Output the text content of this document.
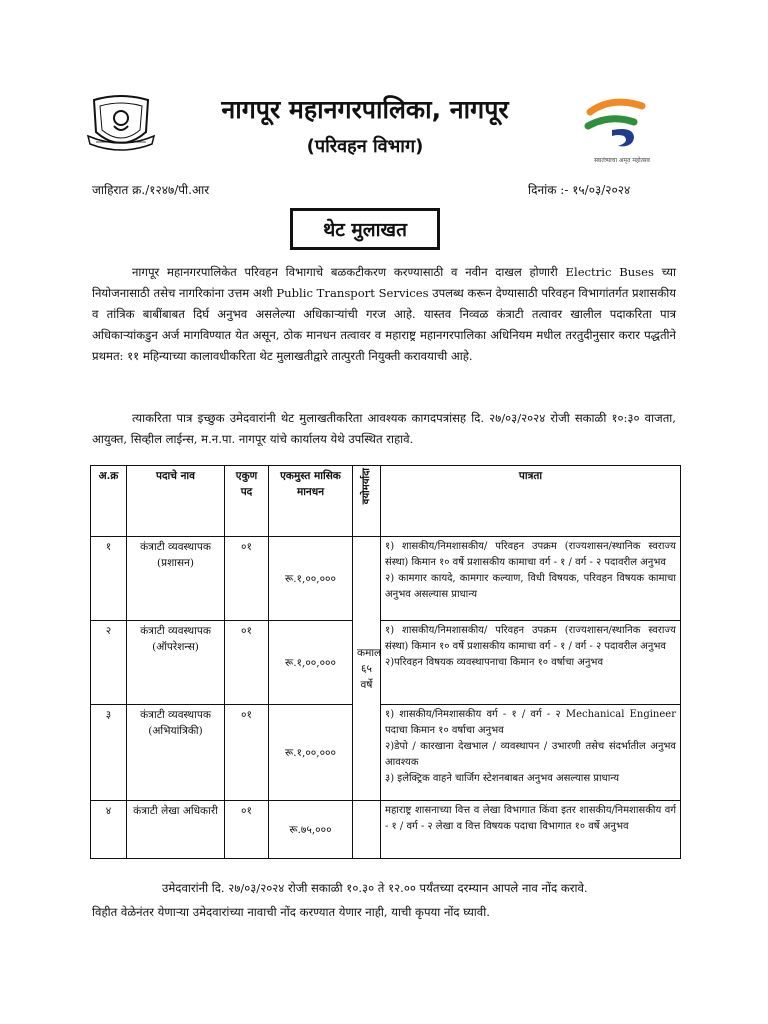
स्वातंत्र्याचा अमृत महोत्सव
नागपूर महानगरपालिका, नागपूर
(परिवहन विभाग)
जाहिरात क्र./१२४७/पी.आर	दिनांक :- १५/०३/२०२४
थेट मुलाखत

नागपूर महानगरपालिकेत परिवहन विभागाचे बळकटीकरण करण्यासाठी व नवीन दाखल होणारी Electric Buses च्या नियोजनासाठी तसेच नागरिकांना उत्तम अशी Public Transport Services उपलब्ध करून देण्यासाठी परिवहन विभागांतर्गत प्रशासकीय व तांत्रिक बाबींबाबत दिर्घ अनुभव असलेल्या अधिकाऱ्यांची गरज आहे. यास्तव निव्वळ कंत्राटी तत्वावर खालील पदाकरिता पात्र अधिकाऱ्यांकडुन अर्ज मागविण्यात येत असून, ठोक मानधन तत्वावर व महाराष्ट्र महानगरपालिका अधिनियम मधील तरतुदीनुसार करार पद्धतीने प्रथमत: ११ महिन्याच्या कालावधीकरिता थेट मुलाखतीद्वारे तात्पुरती नियुक्ती करावयाची आहे.

त्याकरिता पात्र इच्छुक उमेदवारांनी थेट मुलाखतीकरिता आवश्यक कागदपत्रांसह दि. २७/०३/२०२४ रोजी सकाळी १०:३० वाजता, आयुक्त, सिव्हील लाईन्स, म.न.पा. नागपूर यांचे कार्यालय येथे उपस्थित राहावे.

अ.क्र	पदाचे नाव	एकुण पद	एकमुस्त मासिक मानधन	वयोमर्यादा	पात्रता
१	कंत्राटी व्यवस्थापक (प्रशासन)	०१	रू.१,००,०००	कमाल ६५ वर्षे	१) शासकीय/निमशासकीय/ परिवहन उपक्रम (राज्यशासन/स्थानिक स्वराज्य संस्था) किमान १० वर्षे प्रशासकीय कामाचा वर्ग - १ / वर्ग - २ पदावरील अनुभव
२) कामगार कायदे, कामगार कल्याण, विधी विषयक, परिवहन विषयक कामाचा अनुभव असल्यास प्राधान्य

२	कंत्राटी व्यवस्थापक (ऑपरेशन्स)	०१	रू.१,००,०००		१) शासकीय/निमशासकीय/ परिवहन उपक्रम (राज्यशासन/स्थानिक स्वराज्य संस्था) किमान १० वर्षे प्रशासकीय कामाचा वर्ग - १ / वर्ग - २ पदावरील अनुभव
२)परिवहन विषयक व्यवस्थापनाचा किमान १० वर्षाचा अनुभव

३	कंत्राटी व्यवस्थापक (अभियांत्रिकी)	०१	रू.१,००,०००		१) शासकीय/निमशासकीय वर्ग - १ / वर्ग - २ Mechanical Engineer पदाचा किमान १० वर्षाचा अनुभव
२)डेपो / कारखाना देखभाल / व्यवस्थापन / उभारणी तसेच संदर्भातील अनुभव आवश्यक
३) इलेक्ट्रिक वाहने चार्जिग स्टेशनबाबत अनुभव असल्यास प्राधान्य

४	कंत्राटी लेखा अधिकारी	०१	रू.७५,०००		महाराष्ट्र शासनाच्या वित्त व लेखा विभागात किंवा इतर शासकीय/निमशासकीय वर्ग - १ / वर्ग - २ लेखा व वित्त विषयक पदाचा विभागात १० वर्षे अनुभव

उमेदवारांनी दि. २७/०३/२०२४ रोजी सकाळी १०.३० ते १२.०० पर्यंतच्या दरम्यान आपले नाव नोंद करावे.
विहीत वेळेनंतर येणाऱ्या उमेदवारांच्या नावाची नोंद करण्यात येणार नाही, याची कृपया नोंद घ्यावी.
